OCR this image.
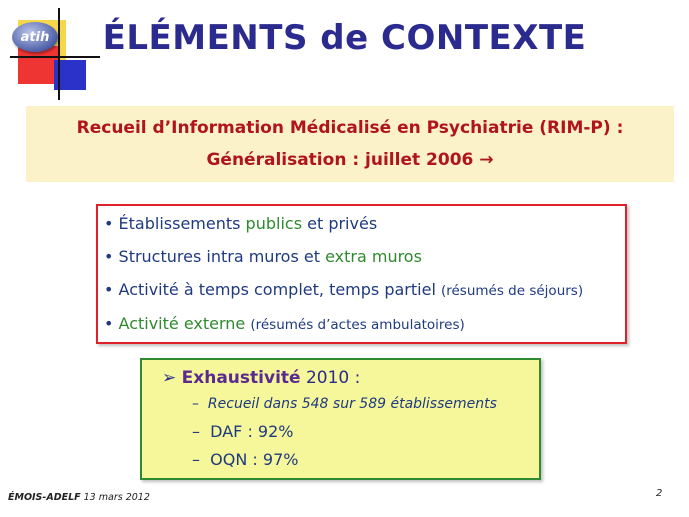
atih	ÉLÉMENTS de CONTEXTE
Recueil d’Information Médicalisé en Psychiatrie (RIM-P) :
Généralisation : juillet 2006 →
• Établissements publics et privés
• Structures intra muros et extra muros
• Activité à temps complet, temps partiel (résumés de séjours)
• Activité externe (résumés d’actes ambulatoires)
➢ Exhaustivité 2010 :
– Recueil dans 548 sur 589 établissements
– DAF : 92%
– OQN : 97%
ÉMOIS-ADELF 13 mars 2012	2
